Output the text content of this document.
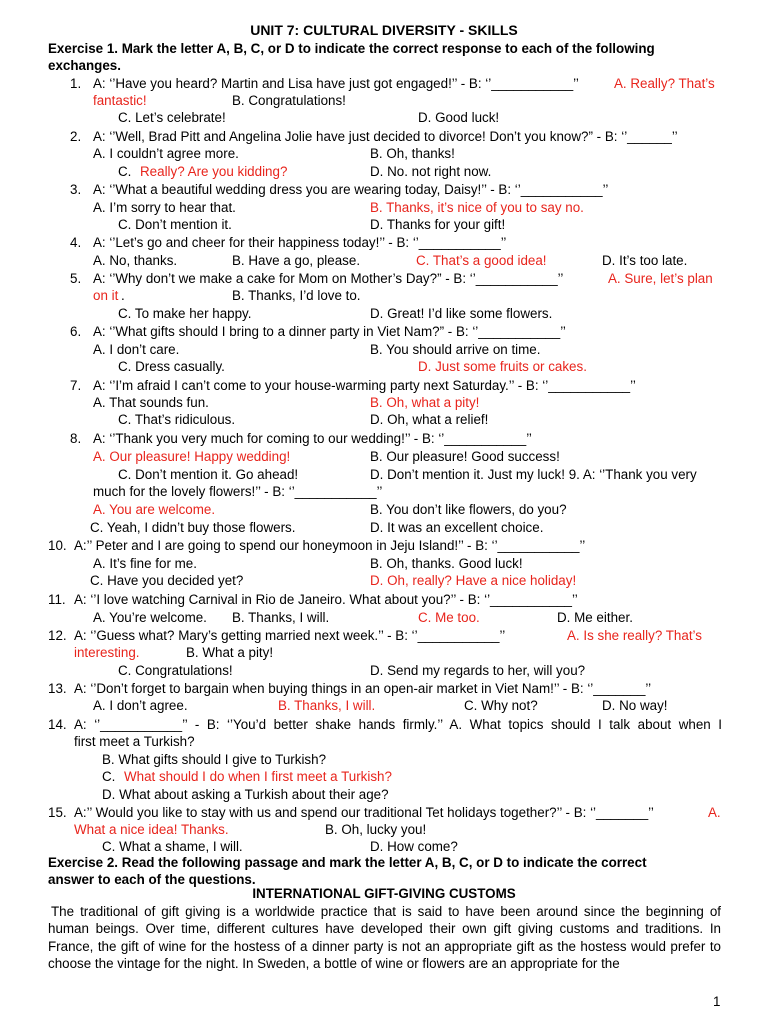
UNIT 7: CULTURAL DIVERSITY - SKILLS
Exercise 1. Mark the letter A, B, C, or D to indicate the correct response to each of the following
exchanges.
1. A: ‘’Have you heard? Martin and Lisa have just got engaged!’’ - B: ‘’___________’’	A. Really? That’s
fantastic!	B. Congratulations!
C. Let’s celebrate!	D. Good luck!
2. A: ‘’Well, Brad Pitt and Angelina Jolie have just decided to divorce! Don’t you know?” - B: ‘’______’’
A. I couldn’t agree more.	B. Oh, thanks!
C. Really? Are you kidding?	D. No. not right now.
3. A: ‘’What a beautiful wedding dress you are wearing today, Daisy!’’ - B: ‘’___________’’
A. I’m sorry to hear that.	B. Thanks, it’s nice of you to say no.
C. Don’t mention it.	D. Thanks for your gift!
4. A: ‘’Let’s go and cheer for their happiness today!’’ - B: ‘’___________’’
A. No, thanks.	B. Have a go, please.	C. That’s a good idea!	D. It’s too late.
5. A: ‘’Why don’t we make a cake for Mom on Mother’s Day?” - B: ‘’___________’’	A. Sure, let’s plan
on it .	B. Thanks, I’d love to.
C. To make her happy.	D. Great! I’d like some flowers.
6. A: ‘’What gifts should I bring to a dinner party in Viet Nam?” - B: ‘’___________’’
A. I don’t care.	B. You should arrive on time.
C. Dress casually.	D. Just some fruits or cakes.
7. A: ‘’I’m afraid I can’t come to your house-warming party next Saturday.’’ - B: ‘’___________’’
A. That sounds fun.	B. Oh, what a pity!
C. That’s ridiculous.	D. Oh, what a relief!
8. A: ‘’Thank you very much for coming to our wedding!’’ - B: ‘’___________’’
A. Our pleasure! Happy wedding!	B. Our pleasure! Good success!
C. Don’t mention it. Go ahead!	D. Don’t mention it. Just my luck! 9. A: ‘’Thank you very
much for the lovely flowers!’’ - B: ‘’___________’’
A. You are welcome.	B. You don’t like flowers, do you?
C. Yeah, I didn’t buy those flowers.	D. It was an excellent choice.
10. A:’’ Peter and I are going to spend our honeymoon in Jeju Island!’’ - B: ‘’___________’’
A. It’s fine for me.	B. Oh, thanks. Good luck!
C. Have you decided yet?	D. Oh, really? Have a nice holiday!
11. A: ‘’I love watching Carnival in Rio de Janeiro. What about you?’’ - B: ‘’___________’’
A. You’re welcome. B. Thanks, I will.	C. Me too.	D. Me either.
12. A: ‘’Guess what? Mary’s getting married next week.’’ - B: ‘’___________’’	A. Is she really? That’s
interesting.	B. What a pity!
C. Congratulations!	D. Send my regards to her, will you?
13. A: ‘’Don’t forget to bargain when buying things in an open-air market in Viet Nam!’’ - B: ‘’_______’’
A. I don’t agree.	B. Thanks, I will.	C. Why not?	D. No way!
14. A: ‘’___________’’ - B: ‘’You’d better shake hands firmly.’’ A. What topics should I talk about when I
first meet a Turkish?
B. What gifts should I give to Turkish?
C. What should I do when I first meet a Turkish?
D. What about asking a Turkish about their age?
15. A:’’ Would you like to stay with us and spend our traditional Tet holidays together?’’ - B: ‘’_______’’	A.
What a nice idea! Thanks.	B. Oh, lucky you!
C. What a shame, I will.	D. How come?
Exercise 2. Read the following passage and mark the letter A, B, C, or D to indicate the correct
answer to each of the questions.
INTERNATIONAL GIFT-GIVING CUSTOMS
The traditional of gift giving is a worldwide practice that is said to have been around since the beginning of human beings. Over time, different cultures have developed their own gift giving customs and traditions. In France, the gift of wine for the hostess of a dinner party is not an appropriate gift as the hostess would prefer to choose the vintage for the night. In Sweden, a bottle of wine or flowers are an appropriate for the
1
